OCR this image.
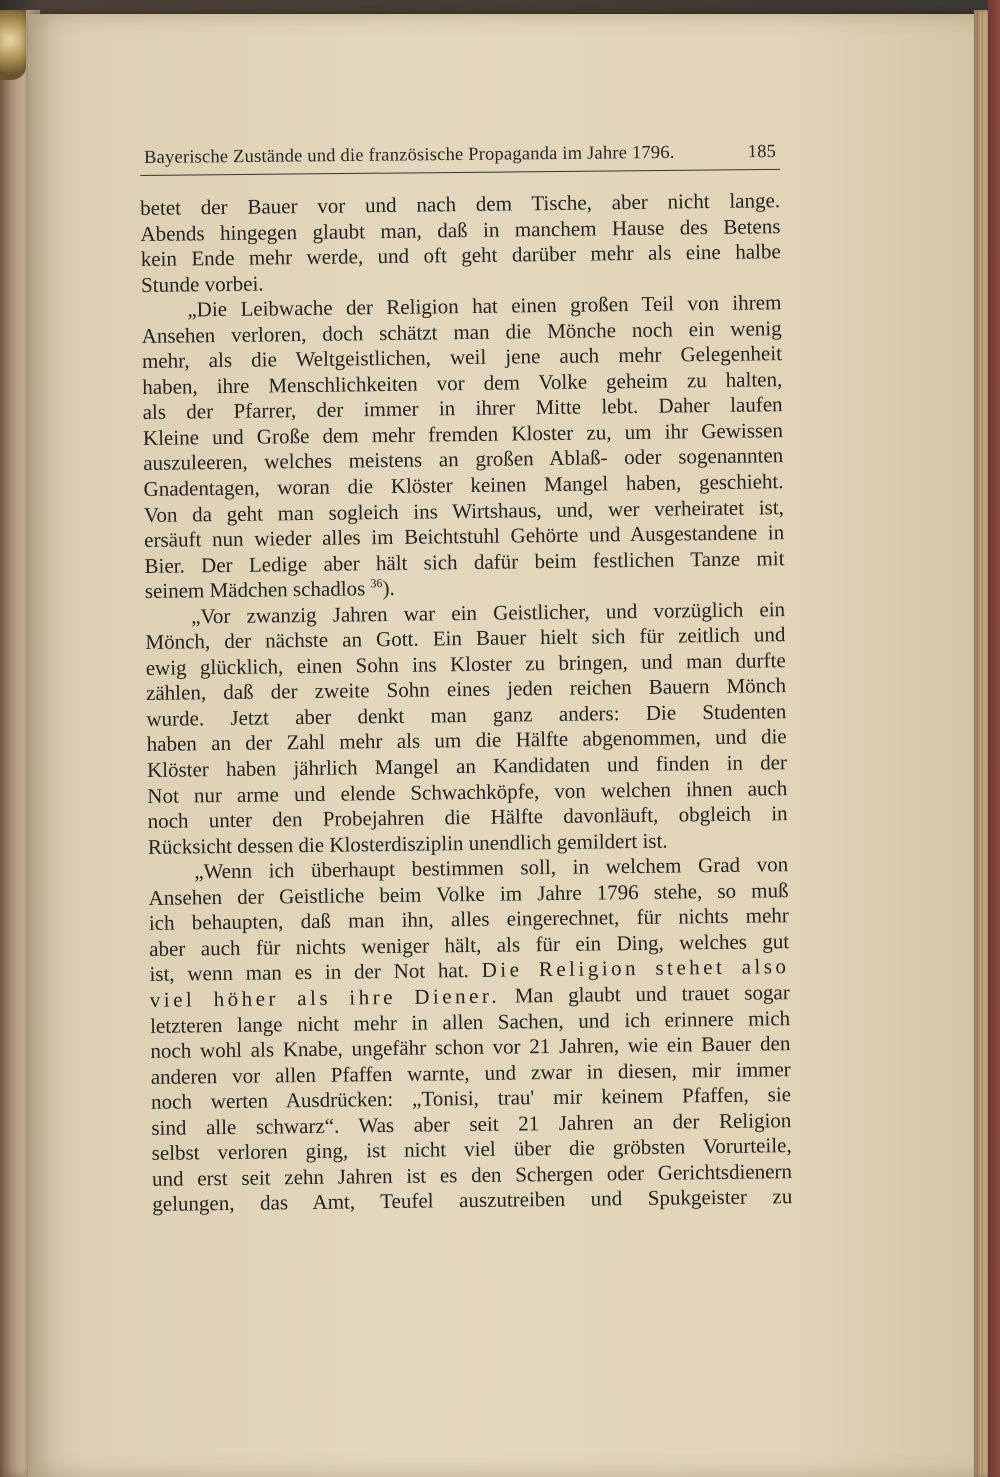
Bayerische Zustände und die französische Propaganda im Jahre 1796.	185
betet der Bauer vor und nach dem Tische, aber nicht lange.
Abends hingegen glaubt man, daß in manchem Hause des Betens
kein Ende mehr werde, und oft geht darüber mehr als eine halbe
Stunde vorbei.
„Die Leibwache der Religion hat einen großen Teil von ihrem
Ansehen verloren, doch schätzt man die Mönche noch ein wenig
mehr, als die Weltgeistlichen, weil jene auch mehr Gelegenheit
haben, ihre Menschlichkeiten vor dem Volke geheim zu halten,
als der Pfarrer, der immer in ihrer Mitte lebt. Daher laufen
Kleine und Große dem mehr fremden Kloster zu, um ihr Gewissen
auszuleeren, welches meistens an großen Ablaß- oder sogenannten
Gnadentagen, woran die Klöster keinen Mangel haben, geschieht.
Von da geht man sogleich ins Wirtshaus, und, wer verheiratet ist,
ersäuft nun wieder alles im Beichtstuhl Gehörte und Ausgestandene in
Bier. Der Ledige aber hält sich dafür beim festlichen Tanze mit
seinem Mädchen schadlos $^{36}$).
„Vor zwanzig Jahren war ein Geistlicher, und vorzüglich ein
Mönch, der nächste an Gott. Ein Bauer hielt sich für zeitlich und
ewig glücklich, einen Sohn ins Kloster zu bringen, und man durfte
zählen, daß der zweite Sohn eines jeden reichen Bauern Mönch
wurde. Jetzt aber denkt man ganz anders: Die Studenten
haben an der Zahl mehr als um die Hälfte abgenommen, und die
Klöster haben jährlich Mangel an Kandidaten und finden in der
Not nur arme und elende Schwachköpfe, von welchen ihnen auch
noch unter den Probejahren die Hälfte davonläuft, obgleich in
Rücksicht dessen die Klosterdisziplin unendlich gemildert ist.
„Wenn ich überhaupt bestimmen soll, in welchem Grad von
Ansehen der Geistliche beim Volke im Jahre 1796 stehe, so muß
ich behaupten, daß man ihn, alles eingerechnet, für nichts mehr
aber auch für nichts weniger hält, als für ein Ding, welches gut
ist, wenn man es in der Not hat. Die Religion stehet also
viel höher als ihre Diener. Man glaubt und trauet sogar
letzteren lange nicht mehr in allen Sachen, und ich erinnere mich
noch wohl als Knabe, ungefähr schon vor 21 Jahren, wie ein Bauer den
anderen vor allen Pfaffen warnte, und zwar in diesen, mir immer
noch werten Ausdrücken: „Tonisi, trau' mir keinem Pfaffen, sie
sind alle schwarz“. Was aber seit 21 Jahren an der Religion
selbst verloren ging, ist nicht viel über die gröbsten Vorurteile,
und erst seit zehn Jahren ist es den Schergen oder Gerichtsdienern
gelungen, das Amt, Teufel auszutreiben und Spukgeister zu
